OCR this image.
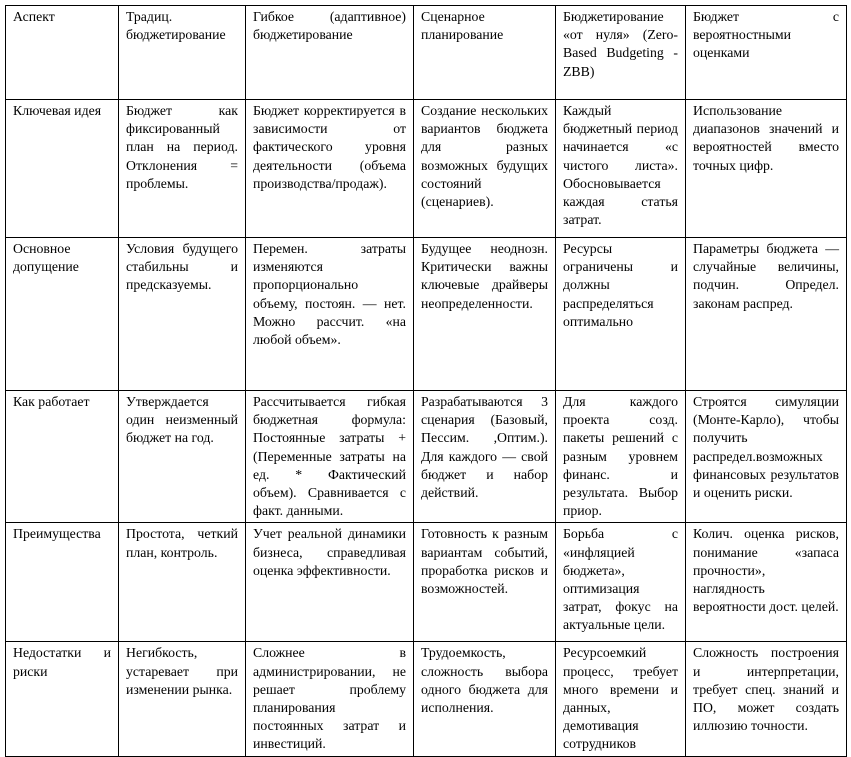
Аспект	Традиц. бюджетирование	Гибкое (адаптивное) бюджетирование	Сценарное планирование	Бюджетирование «от нуля» (Zero-Based Budgeting - ZBB)	Бюджет с вероятностными оценками
Ключевая идея	Бюджет как фиксированный план на период. Отклонения = проблемы.	Бюджет корректируется в зависимости от фактического уровня деятельности (объема производства/продаж).	Создание нескольких вариантов бюджета для разных возможных будущих состояний (сценариев).	Каждый бюджетный период начинается «с чистого листа». Обосновывается каждая статья затрат.	Использование диапазонов значений и вероятностей вместо точных цифр.
Основное допущение	Условия будущего стабильны и предсказуемы.	Перемен. затраты изменяются пропорционально объему, постоян. — нет. Можно рассчит. «на любой объем».	Будущее неоднозн. Критически важны ключевые драйверы неопределенности.	Ресурсы ограничены и должны распределяться оптимально	Параметры бюджета — случайные величины, подчин. Определ. законам распред.
Как работает	Утверждается один неизменный бюджет на год.	Рассчитывается гибкая бюджетная формула: Постоянные затраты + (Переменные затраты на ед. * Фактический объем). Сравнивается с факт. данными.	Разрабатываются 3 сценария (Базовый, Пессим. ,Оптим.). Для каждого — свой бюджет и набор действий.	Для каждого проекта созд. пакеты решений с разным уровнем финанс. и результата. Выбор приор.	Строятся симуляции (Монте-Карло), чтобы получить распредел.возможных финансовых результатов и оценить риски.
Преимущества	Простота, четкий план, контроль.	Учет реальной динамики бизнеса, справедливая оценка эффективности.	Готовность к разным вариантам событий, проработка рисков и возможностей.	Борьба с «инфляцией бюджета», оптимизация затрат, фокус на актуальные цели.	Колич. оценка рисков, понимание «запаса прочности», наглядность вероятности дост. целей.
Недостатки и риски	Негибкость, устаревает при изменении рынка.	Сложнее в администрировании, не решает проблему планирования постоянных затрат и инвестиций.	Трудоемкость, сложность выбора одного бюджета для исполнения.	Ресурсоемкий процесс, требует много времени и данных, демотивация сотрудников	Сложность построения и интерпретации, требует спец. знаний и ПО, может создать иллюзию точности.
